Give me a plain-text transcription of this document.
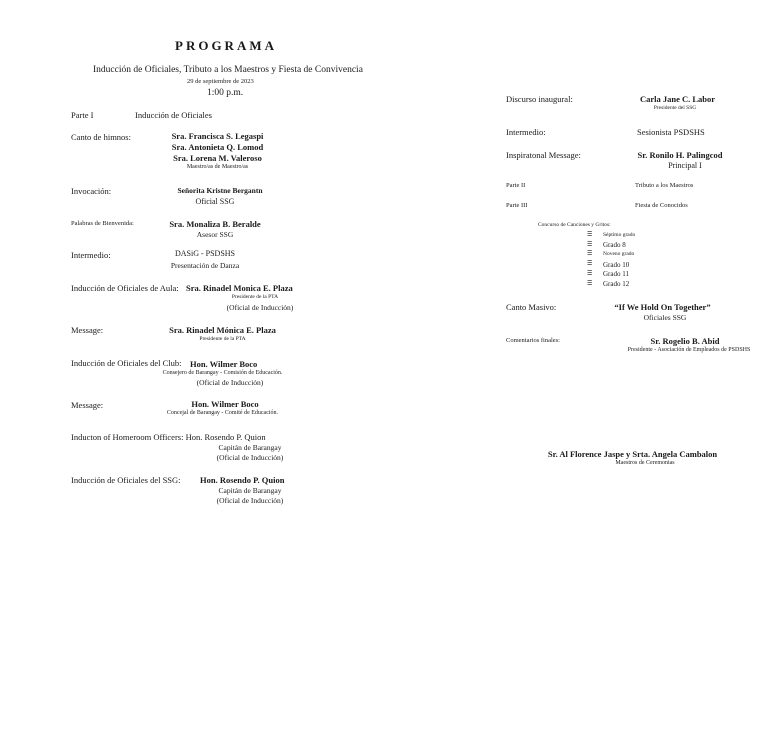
PROGRAMA
Inducción de Oficiales, Tributo a los Maestros y Fiesta de Convivencia
29 de septiembre de 2023
1:00 p.m.
Parte I	Inducción de Oficiales
Canto de himnos:	Sra. Francisca S. Legaspi
Sra. Antonieta Q. Lomod
Sra. Lorena M. Valeroso
Maestro/as de Maestro/as
Invocación:	Señorita Kristne Bergantn
Oficial SSG
Palabras de Bienvenida:	Sra. Monaliza B. Beralde
Asesor SSG
Intermedio:	DASiG - PSDSHS
Presentación de Danza
Inducción de Oficiales de Aula: Sra. Rinadel Monica E. Plaza
Presidente de la PTA
(Oficial de Inducción)
Message:	Sra. Rinadel Mónica E. Plaza
Presidente de la PTA
Inducción de Oficiales del Club: Hon. Wilmer Boco
Consejero de Barangay - Comisión de Educación.
(Oficial de Inducción)
Message:	Hon. Wilmer Boco
Concejal de Barangay - Comité de Educación.
Inducton of Homeroom Officers: Hon. Rosendo P. Quion
Capitán de Barangay
(Oficial de Inducción)
Inducción de Oficiales del SSG: Hon. Rosendo P. Quion
Capitán de Barangay
(Oficial de Inducción)
Discurso inaugural:	Carla Jane C. Labor
Presidente del SSG
Intermedio:	Sesionista PSDSHS
Inspiratonal Message:	Sr. Ronilo H. Palingcod
Principal I
Parte II	Tributo a los Maestros
Parte III	Fiesta de Conocidos
Concurso de Canciones y Gritos:
☰ Séptimo grado
☰ Grado 8
☰ Noveno grado
☰ Grado 10
☰ Grado 11
☰ Grado 12
Canto Masivo:	“If We Hold On Together”
Oficiales SSG
Comentarios finales:	Sr. Rogelio B. Abid
Presidente - Asociación de Empleados de PSDSHS
Sr. Al Florence Jaspe y Srta. Angela Cambalon
Maestros de Ceremonias
